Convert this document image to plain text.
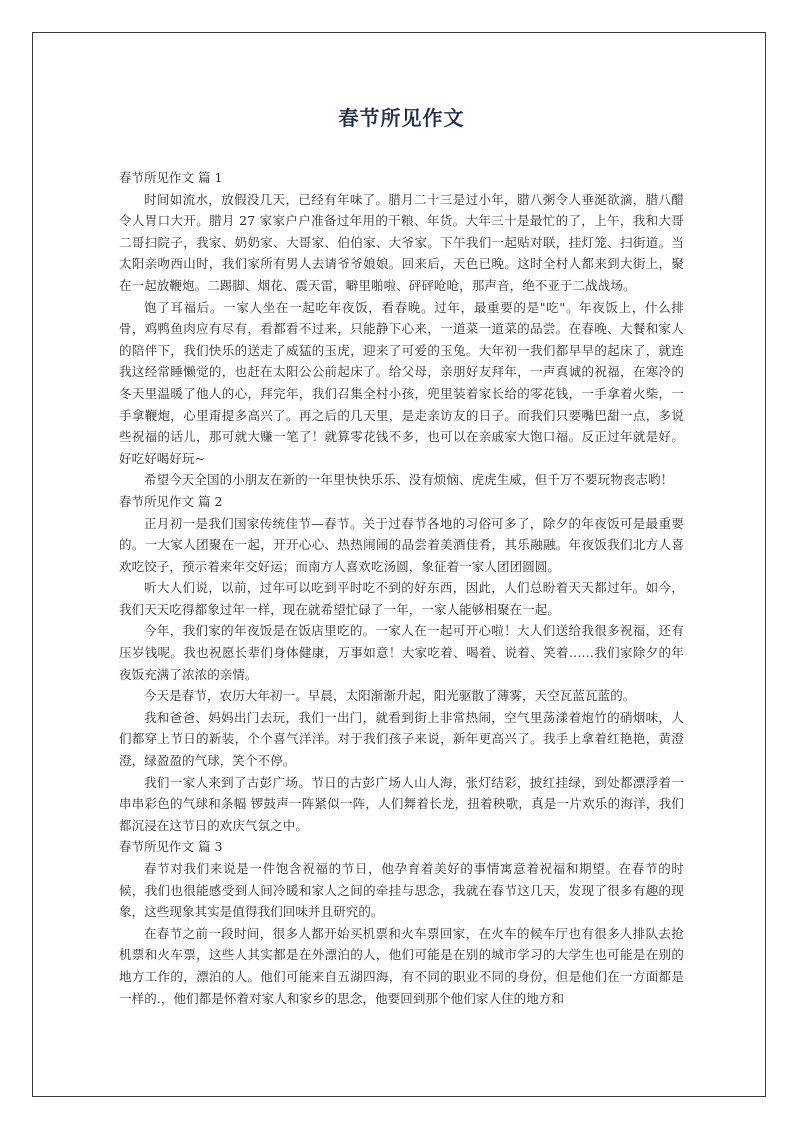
春节所见作文

春节所见作文 篇 1

时间如流水，放假没几天，已经有年味了。腊月二十三是过小年，腊八粥令人垂涎欲滴，腊八醋令人胃口大开。腊月 27 家家户户准备过年用的干粮、年货。大年三十是最忙的了，上午，我和大哥二哥扫院子，我家、奶奶家、大哥家、伯伯家、大爷家。下午我们一起贴对联，挂灯笼、扫街道。当太阳亲吻西山时，我们家所有男人去请爷爷娘娘。回来后，天色已晚。这时全村人都来到大街上，聚在一起放鞭炮。二踢脚、烟花、震天雷，噼里啪啦、砰砰呛呛，那声音，绝不亚于二战战场。

饱了耳福后。一家人坐在一起吃年夜饭，看春晚。过年，最重要的是"吃"。年夜饭上，什么排骨，鸡鸭鱼肉应有尽有，看都看不过来，只能静下心来，一道菜一道菜的品尝。在春晚、大餐和家人的陪伴下，我们快乐的送走了威猛的玉虎，迎来了可爱的玉兔。大年初一我们都早早的起床了，就连我这经常睡懒觉的，也赶在太阳公公前起床了。给父母，亲朋好友拜年，一声真诚的祝福，在寒冷的冬天里温暖了他人的心，拜完年，我们召集全村小孩，兜里装着家长给的零花钱，一手拿着火柴，一手拿鞭炮，心里甭提多高兴了。再之后的几天里，是走亲访友的日子。而我们只要嘴巴甜一点，多说些祝福的话儿，那可就大赚一笔了！就算零花钱不多，也可以在亲戚家大饱口福。反正过年就是好。好吃好喝好玩~

希望今天全国的小朋友在新的一年里快快乐乐、没有烦恼、虎虎生威，但千万不要玩物丧志哟！

春节所见作文 篇 2

正月初一是我们国家传统佳节—春节。关于过春节各地的习俗可多了，除夕的年夜饭可是最重要的。一大家人团聚在一起，开开心心、热热闹闹的品尝着美酒佳肴，其乐融融。年夜饭我们北方人喜欢吃饺子，预示着来年交好运；而南方人喜欢吃汤圆，象征着一家人团团圆圆。

听大人们说，以前，过年可以吃到平时吃不到的好东西，因此，人们总盼着天天都过年。如今，我们天天吃得都象过年一样，现在就希望忙碌了一年，一家人能够相聚在一起。

今年，我们家的年夜饭是在饭店里吃的。一家人在一起可开心啦！大人们送给我很多祝福，还有压岁钱呢。我也祝愿长辈们身体健康，万事如意！大家吃着、喝着、说着、笑着……我们家除夕的年夜饭充满了浓浓的亲情。

今天是春节，农历大年初一。早晨，太阳渐渐升起，阳光驱散了薄雾，天空瓦蓝瓦蓝的。

我和爸爸、妈妈出门去玩，我们一出门，就看到街上非常热闹，空气里荡漾着炮竹的硝烟味，人们都穿上节日的新装，个个喜气洋洋。对于我们孩子来说，新年更高兴了。我手上拿着红艳艳，黄澄澄，绿盈盈的气球，笑个不停。

我们一家人来到了古彭广场。节日的古彭广场人山人海，张灯结彩，披红挂绿，到处都漂浮着一串串彩色的气球和条幅 锣鼓声一阵紧似一阵，人们舞着长龙，扭着秧歌，真是一片欢乐的海洋，我们都沉浸在这节日的欢庆气氛之中。

春节所见作文 篇 3

春节对我们来说是一件饱含祝福的节日，他孕育着美好的事情寓意着祝福和期望。在春节的时候，我们也很能感受到人间冷暖和家人之间的牵挂与思念，我就在春节这几天，发现了很多有趣的现象，这些现象其实是值得我们回味并且研究的。

在春节之前一段时间，很多人都开始买机票和火车票回家，在火车的候车厅也有很多人排队去抢机票和火车票，这些人其实都是在外漂泊的人，他们可能是在别的城市学习的大学生也可能是在别的地方工作的，漂泊的人。他们可能来自五湖四海，有不同的职业不同的身份，但是他们在一方面都是一样的.，他们都是怀着对家人和家乡的思念，他要回到那个他们家人住的地方和
